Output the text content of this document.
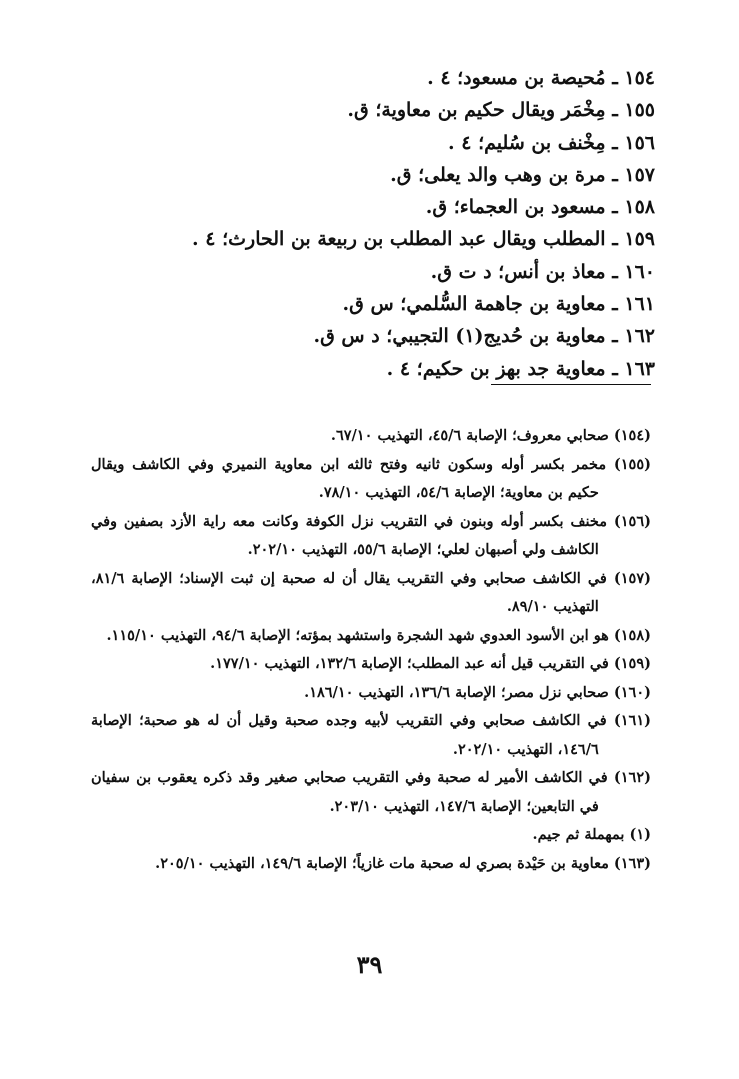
١٥٤ ـ مُحيصة بن مسعود؛ ٤ .
١٥٥ ـ مِخْمَر ويقال حكيم بن معاوية؛ ق.
١٥٦ ـ مِخْنف بن سُليم؛ ٤ .
١٥٧ ـ مرة بن وهب والد يعلى؛ ق.
١٥٨ ـ مسعود بن العجماء؛ ق.
١٥٩ ـ المطلب ويقال عبد المطلب بن ربيعة بن الحارث؛ ٤ .
١٦٠ ـ معاذ بن أنس؛ د ت ق.
١٦١ ـ معاوية بن جاهمة السُّلمي؛ س ق.
١٦٢ ـ معاوية بن حُديج(١) التجيبي؛ د س ق.
١٦٣ ـ معاوية جد بهز بن حكيم؛ ٤ .
(١٥٤) صحابي معروف؛ الإصابة ٤٥/٦، التهذيب ٦٧/١٠.
(١٥٥) مخمر بكسر أوله وسكون ثانيه وفتح ثالثه ابن معاوية النميري وفي الكاشف ويقال حكيم بن معاوية؛ الإصابة ٥٤/٦، التهذيب ٧٨/١٠.
(١٥٦) مخنف بكسر أوله وبنون في التقريب نزل الكوفة وكانت معه راية الأزد بصفين وفي الكاشف ولي أصبهان لعلي؛ الإصابة ٥٥/٦، التهذيب ٢٠٢/١٠.
(١٥٧) في الكاشف صحابي وفي التقريب يقال أن له صحبة إن ثبت الإسناد؛ الإصابة ٨١/٦، التهذيب ٨٩/١٠.
(١٥٨) هو ابن الأسود العدوي شهد الشجرة واستشهد بمؤته؛ الإصابة ٩٤/٦، التهذيب ١١٥/١٠.
(١٥٩) في التقريب قيل أنه عبد المطلب؛ الإصابة ١٣٢/٦، التهذيب ١٧٧/١٠.
(١٦٠) صحابي نزل مصر؛ الإصابة ١٣٦/٦، التهذيب ١٨٦/١٠.
(١٦١) في الكاشف صحابي وفي التقريب لأبيه وجده صحبة وقيل أن له هو صحبة؛ الإصابة ١٤٦/٦، التهذيب ٢٠٢/١٠.
(١٦٢) في الكاشف الأمير له صحبة وفي التقريب صحابي صغير وقد ذكره يعقوب بن سفيان في التابعين؛ الإصابة ١٤٧/٦، التهذيب ٢٠٣/١٠.
(١) بمهملة ثم جيم.
(١٦٣) معاوية بن حَيْدة بصري له صحبة مات غازياً؛ الإصابة ١٤٩/٦، التهذيب ٢٠٥/١٠.
٣٩
